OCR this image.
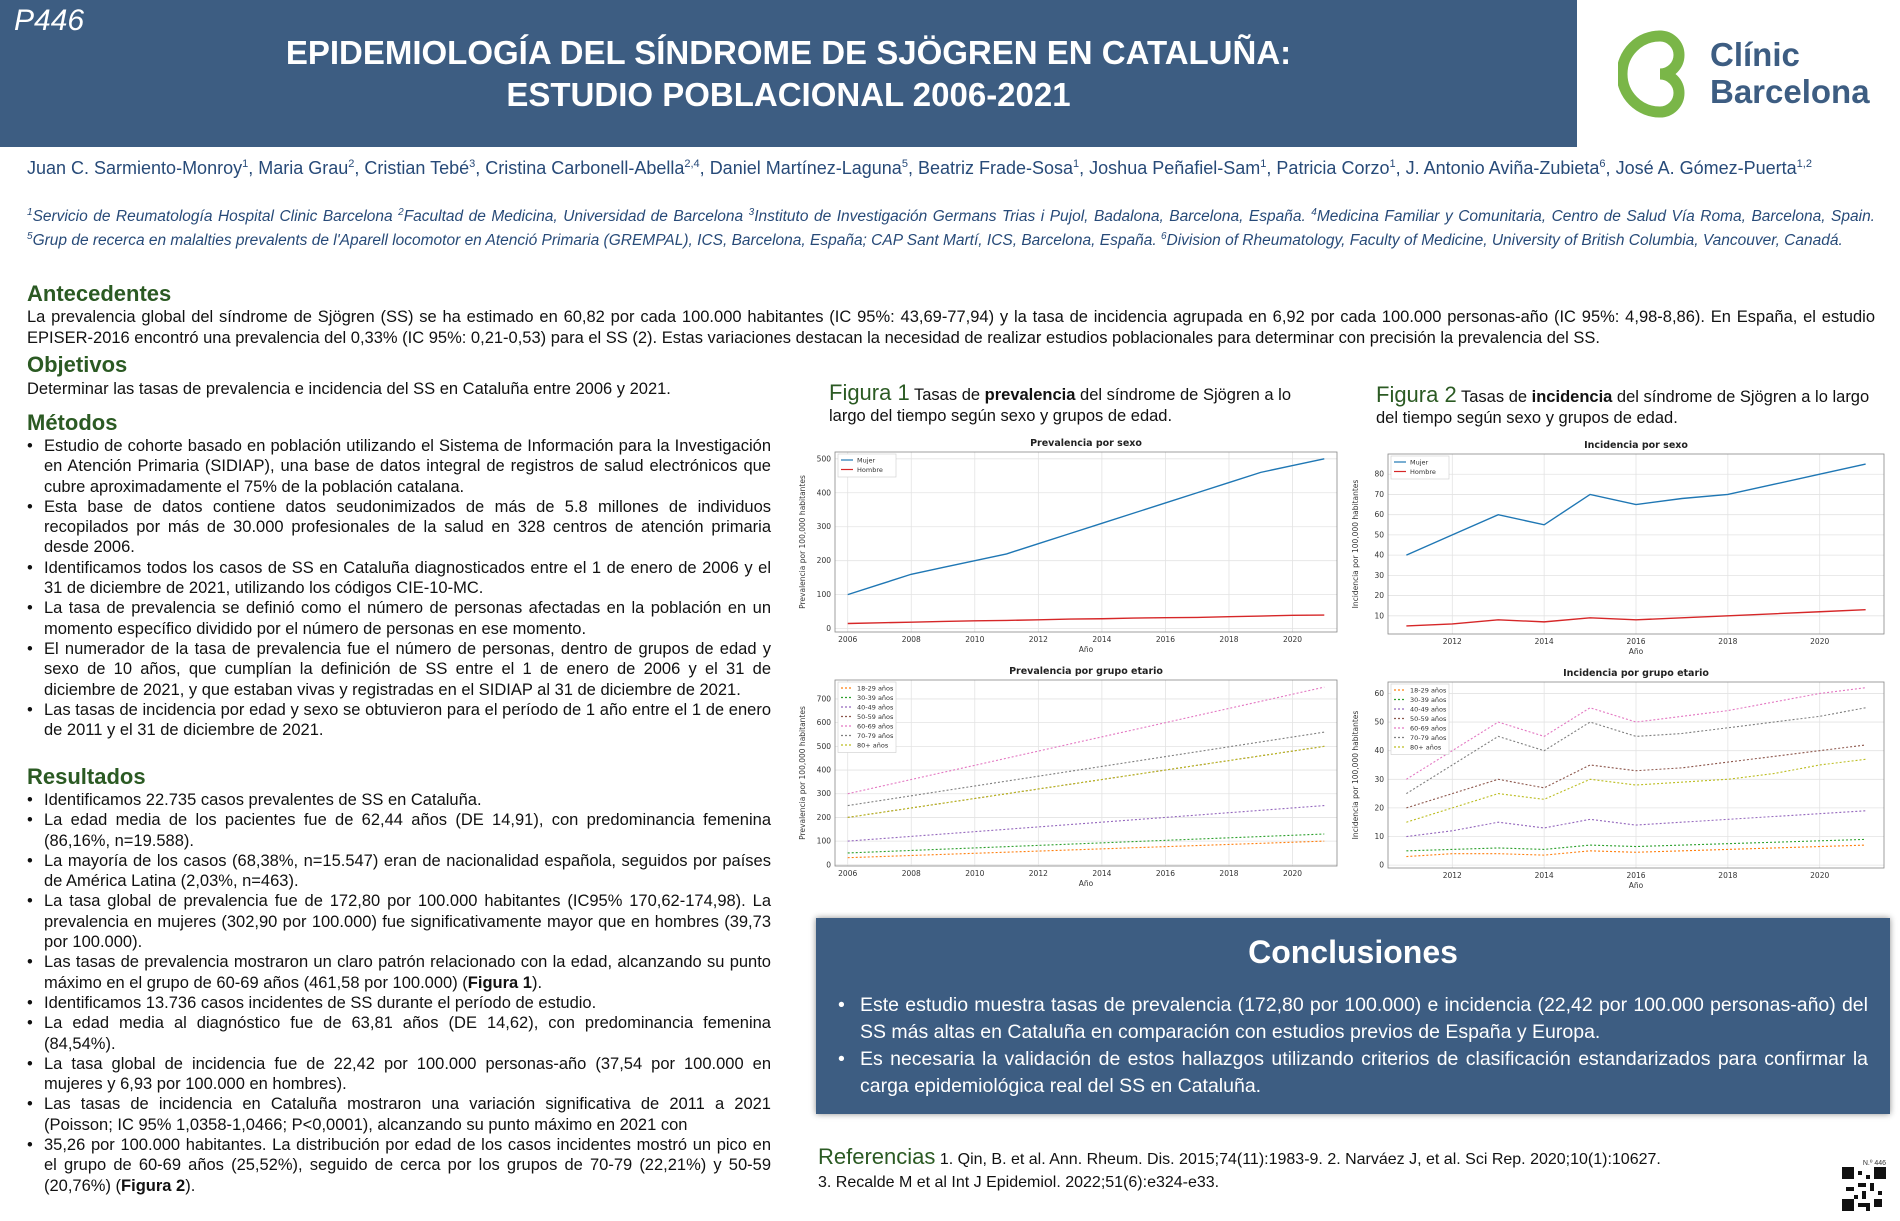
P446
EPIDEMIOLOGÍA DEL SÍNDROME DE SJÖGREN EN CATALUÑA:
ESTUDIO POBLACIONAL 2006-2021
Clínic
Barcelona
Juan C. Sarmiento-Monroy$^1$, Maria Grau$^2$, Cristian Tebé$^3$, Cristina Carbonell-Abella$^{2,4}$, Daniel Martínez-Laguna$^5$, Beatriz Frade-Sosa$^1$, Joshua Peñafiel-Sam$^1$, Patricia Corzo$^1$, J. Antonio Aviña-Zubieta$^6$, José A. Gómez-Puerta$^{1,2}$
$^1$Servicio de Reumatología Hospital Clinic Barcelona $^2$Facultad de Medicina, Universidad de Barcelona $^3$Instituto de Investigación Germans Trias i Pujol, Badalona, Barcelona, España. $^4$Medicina Familiar y Comunitaria, Centro de Salud Vía Roma, Barcelona, Spain. $^5$Grup de recerca en malalties prevalents de l'Aparell locomotor en Atenció Primaria (GREMPAL), ICS, Barcelona, España; CAP Sant Martí, ICS, Barcelona, España. $^6$Division of Rheumatology, Faculty of Medicine, University of British Columbia, Vancouver, Canadá.
Antecedentes
La prevalencia global del síndrome de Sjögren (SS) se ha estimado en 60,82 por cada 100.000 habitantes (IC 95%: 43,69-77,94) y la tasa de incidencia agrupada en 6,92 por cada 100.000 personas-año (IC 95%: 4,98-8,86). En España, el estudio EPISER-2016 encontró una prevalencia del 0,33% (IC 95%: 0,21-0,53) para el SS (2). Estas variaciones destacan la necesidad de realizar estudios poblacionales para determinar con precisión la prevalencia del SS.
Objetivos
Determinar las tasas de prevalencia e incidencia del SS en Cataluña entre 2006 y 2021.
Métodos
• Estudio de cohorte basado en población utilizando el Sistema de Información para la Investigación en Atención Primaria (SIDIAP), una base de datos integral de registros de salud electrónicos que cubre aproximadamente el 75% de la población catalana.
• Esta base de datos contiene datos seudonimizados de más de 5.8 millones de individuos recopilados por más de 30.000 profesionales de la salud en 328 centros de atención primaria desde 2006.
• Identificamos todos los casos de SS en Cataluña diagnosticados entre el 1 de enero de 2006 y el 31 de diciembre de 2021, utilizando los códigos CIE-10-MC.
• La tasa de prevalencia se definió como el número de personas afectadas en la población en un momento específico dividido por el número de personas en ese momento.
• El numerador de la tasa de prevalencia fue el número de personas, dentro de grupos de edad y sexo de 10 años, que cumplían la definición de SS entre el 1 de enero de 2006 y el 31 de diciembre de 2021, y que estaban vivas y registradas en el SIDIAP al 31 de diciembre de 2021.
• Las tasas de incidencia por edad y sexo se obtuvieron para el período de 1 año entre el 1 de enero de 2011 y el 31 de diciembre de 2021.
Resultados
• Identificamos 22.735 casos prevalentes de SS en Cataluña.
• La edad media de los pacientes fue de 62,44 años (DE 14,91), con predominancia femenina (86,16%, n=19.588).
• La mayoría de los casos (68,38%, n=15.547) eran de nacionalidad española, seguidos por países de América Latina (2,03%, n=463).
• La tasa global de prevalencia fue de 172,80 por 100.000 habitantes (IC95% 170,62-174,98). La prevalencia en mujeres (302,90 por 100.000) fue significativamente mayor que en hombres (39,73 por 100.000).
• Las tasas de prevalencia mostraron un claro patrón relacionado con la edad, alcanzando su punto máximo en el grupo de 60-69 años (461,58 por 100.000) (Figura 1).
• Identificamos 13.736 casos incidentes de SS durante el período de estudio.
• La edad media al diagnóstico fue de 63,81 años (DE 14,62), con predominancia femenina (84,54%).
• La tasa global de incidencia fue de 22,42 por 100.000 personas-año (37,54 por 100.000 en mujeres y 6,93 por 100.000 en hombres).
• Las tasas de incidencia en Cataluña mostraron una variación significativa de 2011 a 2021 (Poisson; IC 95% 1,0358-1,0466; P<0,0001), alcanzando su punto máximo en 2021 con
• 35,26 por 100.000 habitantes. La distribución por edad de los casos incidentes mostró un pico en el grupo de 60-69 años (25,52%), seguido de cerca por los grupos de 70-79 (22,21%) y 50-59 (20,76%) (Figura 2).
Figura 1 Tasas de prevalencia del síndrome de Sjögren a lo largo del tiempo según sexo y grupos de edad.
Figura 2 Tasas de incidencia del síndrome de Sjögren a lo largo del tiempo según sexo y grupos de edad.
Prevalencia por sexo
2006	2008	2010	2012	2014	2016	2018	2020
0
100
200
300
400
500
Año
Prevalencia por 100,000 habitantes
Mujer
Hombre
Incidencia por sexo
2012	2014	2016	2018	2020
10
20
30
40
50
60
70
80
Año
Incidencia por 100,000 habitantes
Mujer
Hombre
Prevalencia por grupo etario
2006	2008	2010	2012	2014	2016	2018	2020
0
100
200
300
400
500
600
700
Año
Prevalencia por 100,000 habitantes
18-29 años
30-39 años
40-49 años
50-59 años
60-69 años
70-79 años
80+ años
Incidencia por grupo etario
2012	2014	2016	2018	2020
0
10
20
30
40
50
60
Año
Incidencia por 100,000 habitantes
18-29 años
30-39 años
40-49 años
50-59 años
60-69 años
70-79 años
80+ años
Conclusiones
• Este estudio muestra tasas de prevalencia (172,80 por 100.000) e incidencia (22,42 por 100.000 personas-año) del SS más altas en Cataluña en comparación con estudios previos de España y Europa.
• Es necesaria la validación de estos hallazgos utilizando criterios de clasificación estandarizados para confirmar la carga epidemiológica real del SS en Cataluña.
Referencias 1. Qin, B. et al. Ann. Rheum. Dis. 2015;74(11):1983-9. 2. Narváez J, et al. Sci Rep. 2020;10(1):10627.
3. Recalde M et al Int J Epidemiol. 2022;51(6):e324-e33.
N.º 446
